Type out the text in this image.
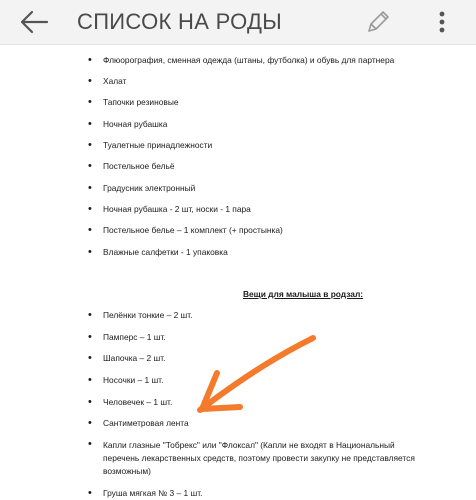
СПИСОК НА РОДЫ
• Флюорография, сменная одежда (штаны, футболка) и обувь для партнера
• Халат
• Тапочки резиновые
• Ночная рубашка
• Туалетные принадлежности
• Постельное бельё
• Градусник электронный
• Ночная рубашка - 2 шт, носки - 1 пара
• Постельное белье – 1 комплект (+ простынка)
• Влажные салфетки - 1 упаковка
Вещи для малыша в родзал:
• Пелёнки тонкие – 2 шт.
• Памперс – 1 шт.
• Шапочка – 2 шт.
• Носочки – 1 шт.
• Человечек – 1 шт.
• Сантиметровая лента
• Капли глазные "Тобрекс" или "Флоксал" (Капли не входят в Национальный перечень лекарственных средств, поэтому провести закупку не представляется возможным)
• Груша мягкая № 3 – 1 шт.
